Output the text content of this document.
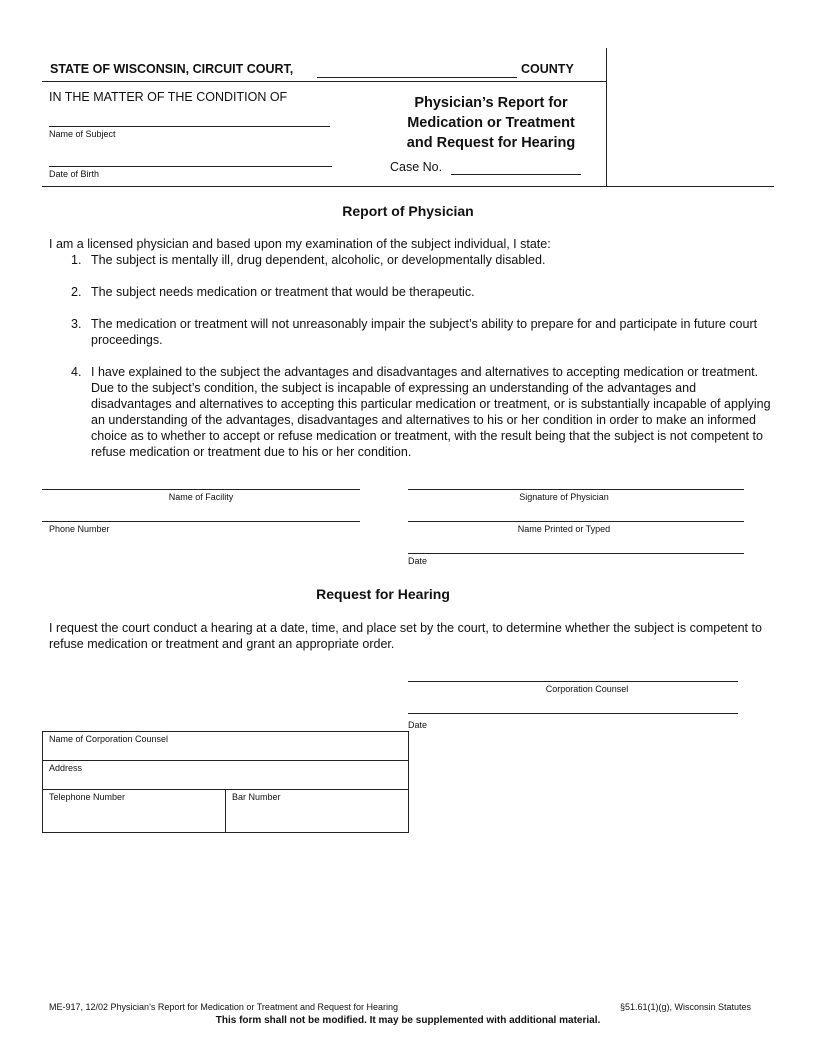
STATE OF WISCONSIN, CIRCUIT COURT,	COUNTY
IN THE MATTER OF THE CONDITION OF
Name of Subject
Date of Birth
Physician’s Report for
Medication or Treatment
and Request for Hearing
Case No.
Report of Physician
I am a licensed physician and based upon my examination of the subject individual, I state:
1. The subject is mentally ill, drug dependent, alcoholic, or developmentally disabled.
2. The subject needs medication or treatment that would be therapeutic.
3. The medication or treatment will not unreasonably impair the subject’s ability to prepare for and participate in future court proceedings.
4. I have explained to the subject the advantages and disadvantages and alternatives to accepting medication or treatment. Due to the subject’s condition, the subject is incapable of expressing an understanding of the advantages and disadvantages and alternatives to accepting this particular medication or treatment, or is substantially incapable of applying an understanding of the advantages, disadvantages and alternatives to his or her condition in order to make an informed choice as to whether to accept or refuse medication or treatment, with the result being that the subject is not competent to refuse medication or treatment due to his or her condition.
Name of Facility	Signature of Physician
Phone Number	Name Printed or Typed
Date
Request for Hearing
I request the court conduct a hearing at a date, time, and place set by the court, to determine whether the subject is competent to refuse medication or treatment and grant an appropriate order.
Corporation Counsel
Date
Name of Corporation Counsel
Address
Telephone Number	Bar Number
ME-917, 12/02 Physician’s Report for Medication or Treatment and Request for Hearing	§51.61(1)(g), Wisconsin Statutes
This form shall not be modified. It may be supplemented with additional material.
